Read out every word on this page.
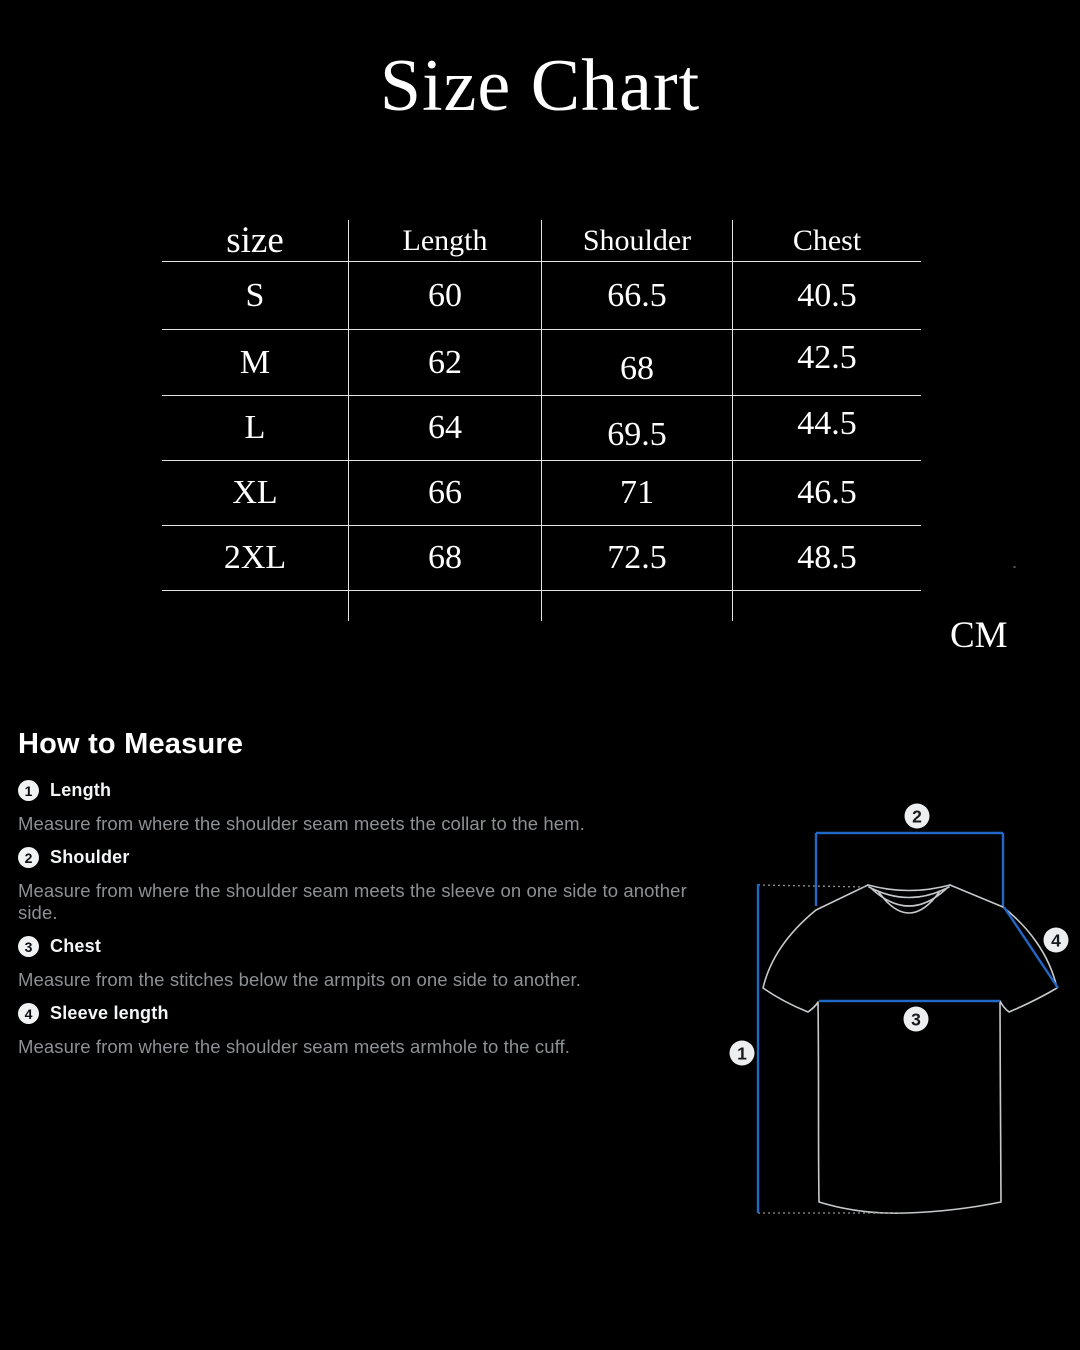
Size Chart
size	Length	Shoulder	Chest
S	60	66.5	40.5
M	62	68	42.5
L	64	69.5	44.5
XL	66	71	46.5
2XL	68	72.5	48.5
CM
How to Measure
1 Length

Measure from where the shoulder seam meets the collar to the hem.

2 Shoulder

Measure from where the shoulder seam meets the sleeve on one side to another side.

3 Chest

Measure from the stitches below the armpits on one side to another.

4 Sleeve length

Measure from where the shoulder seam meets armhole to the cuff.	1
2
3
4
